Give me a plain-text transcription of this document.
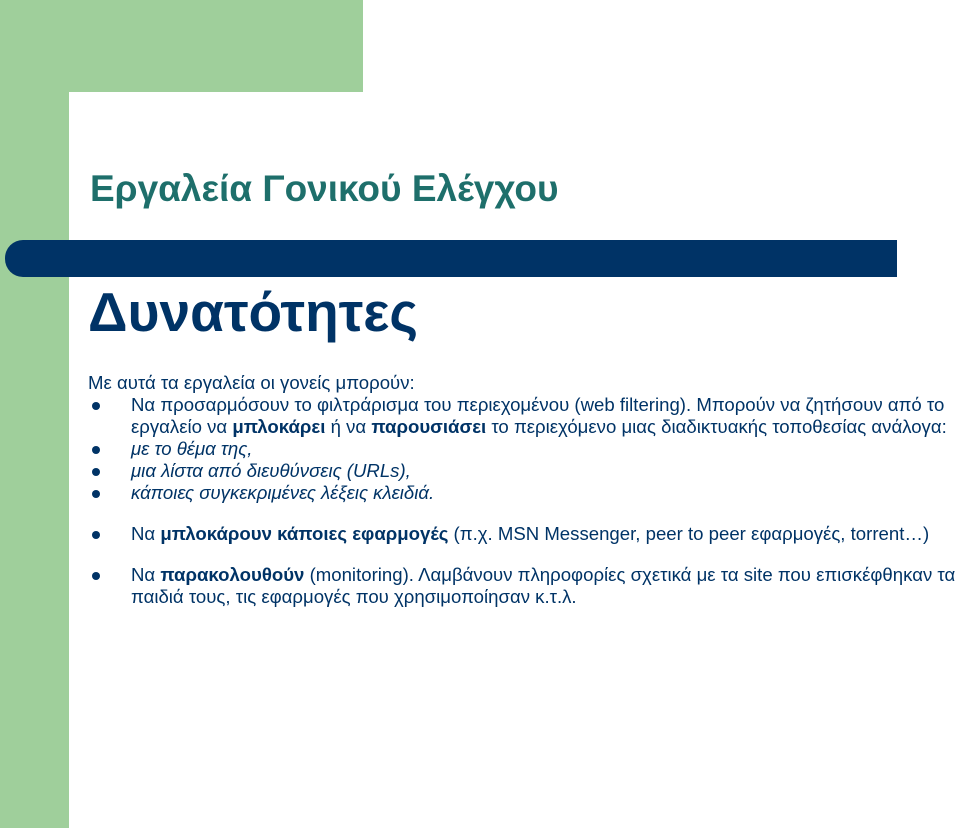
Εργαλεία Γονικού Ελέγχου
Δυνατότητες

Με αυτά τα εργαλεία οι γονείς μπορούν:

Να προσαρμόσουν το φιλτράρισμα του περιεχομένου (web filtering). Μπορούν να ζητήσουν από το εργαλείο να μπλοκάρει ή να παρουσιάσει το περιεχόμενο μιας διαδικτυακής τοποθεσίας ανάλογα:
με το θέμα της,
μια λίστα από διευθύνσεις (URLs),
κάποιες συγκεκριμένες λέξεις κλειδιά.
Να μπλοκάρουν κάποιες εφαρμογές (π.χ. MSN Messenger, peer to peer εφαρμογές, torrent…)
Να παρακολουθούν (monitoring). Λαμβάνουν πληροφορίες σχετικά με τα site που επισκέφθηκαν τα παιδιά τους, τις εφαρμογές που χρησιμοποίησαν κ.τ.λ.
